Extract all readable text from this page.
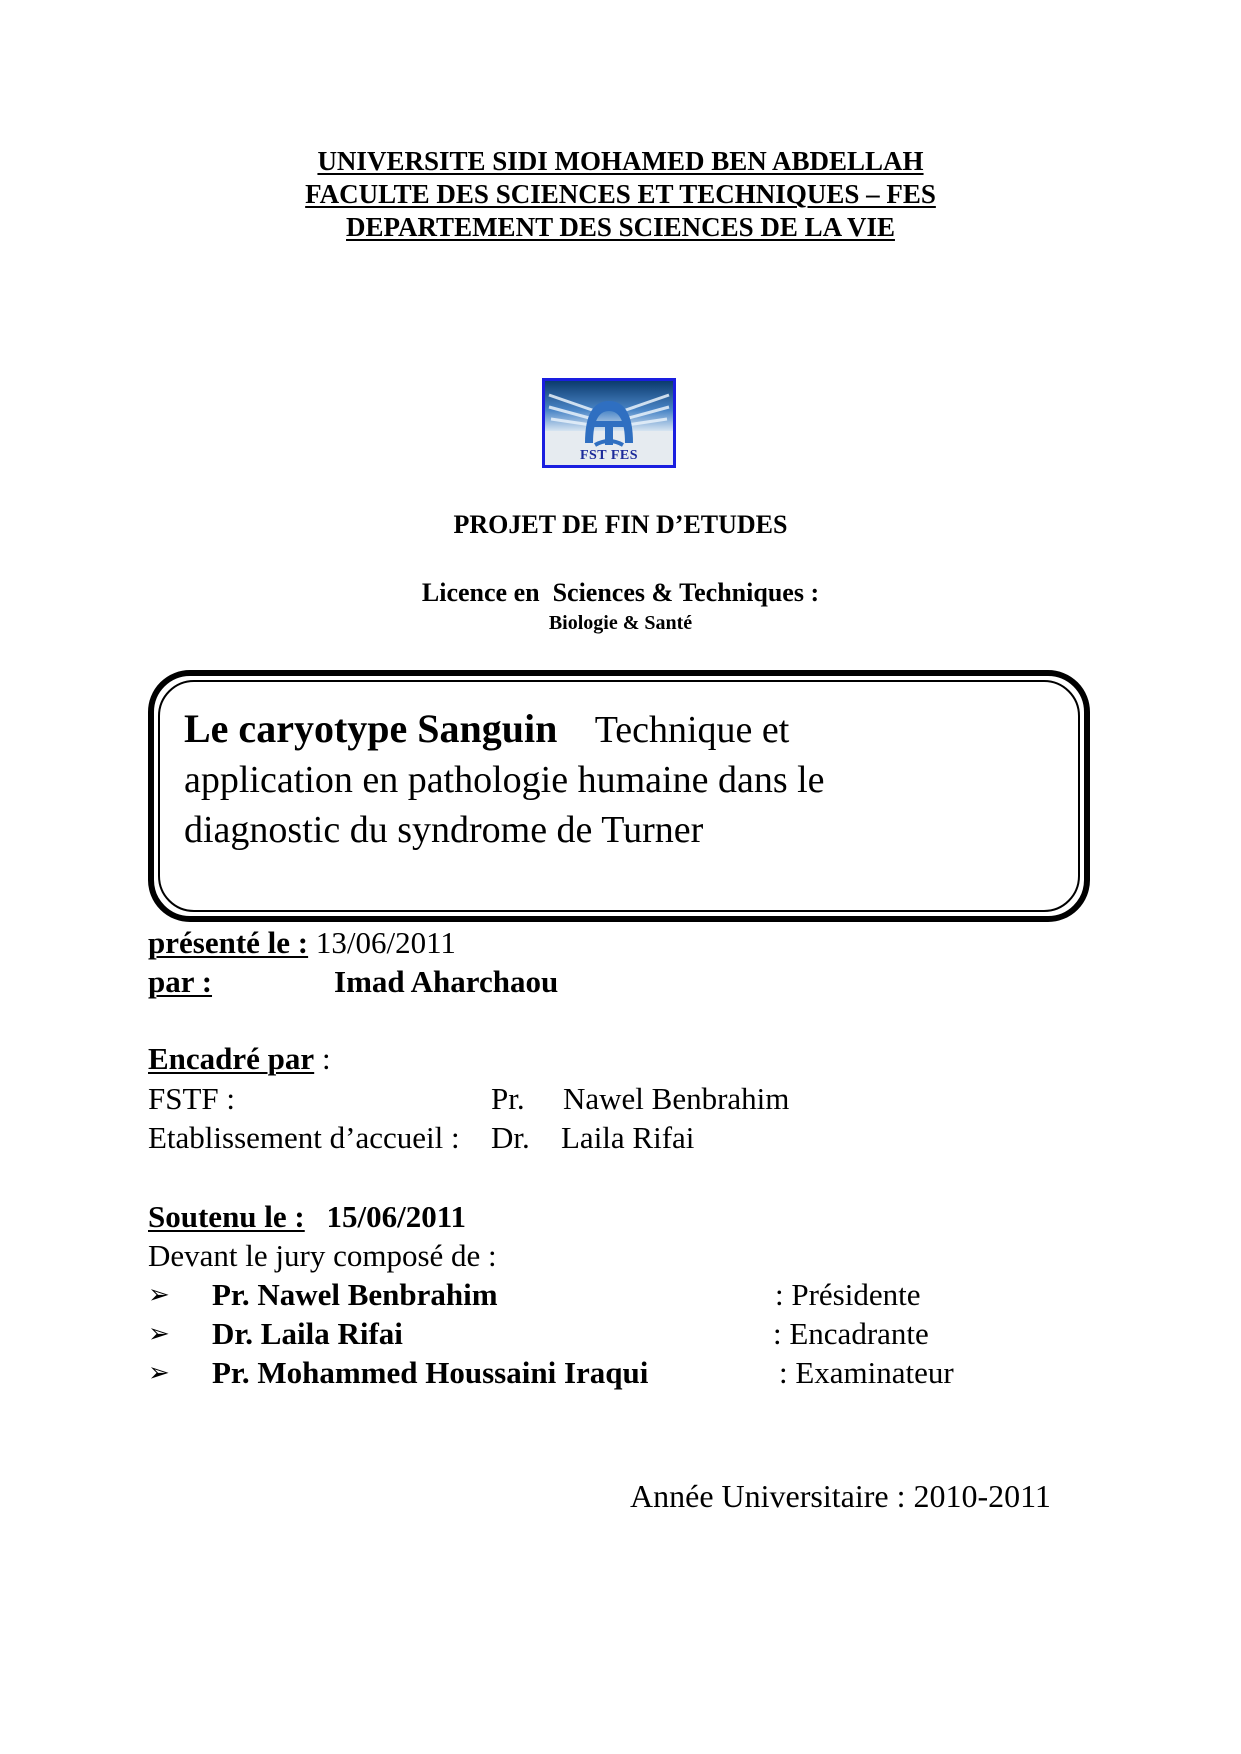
UNIVERSITE SIDI MOHAMED BEN ABDELLAH
FACULTE DES SCIENCES ET TECHNIQUES – FES
DEPARTEMENT DES SCIENCES DE LA VIE
FST FES
PROJET DE FIN D’ETUDES
Licence en  Sciences & Techniques :
Biologie & Santé
Le caryotype Sanguin Technique et
application en pathologie humaine dans le
diagnostic du syndrome de Turner
présenté le : 13/06/2011
par :	Imad Aharchaou
Encadré par :
FSTF :	Pr. Nawel Benbrahim
Etablissement d’accueil : Dr. Laila Rifai
Soutenu le : 15/06/2011
Devant le jury composé de :
➢ Pr. Nawel Benbrahim	: Présidente
➢ Dr. Laila Rifai	: Encadrante
➢ Pr. Mohammed Houssaini Iraqui	: Examinateur
Année Universitaire : 2010-2011
